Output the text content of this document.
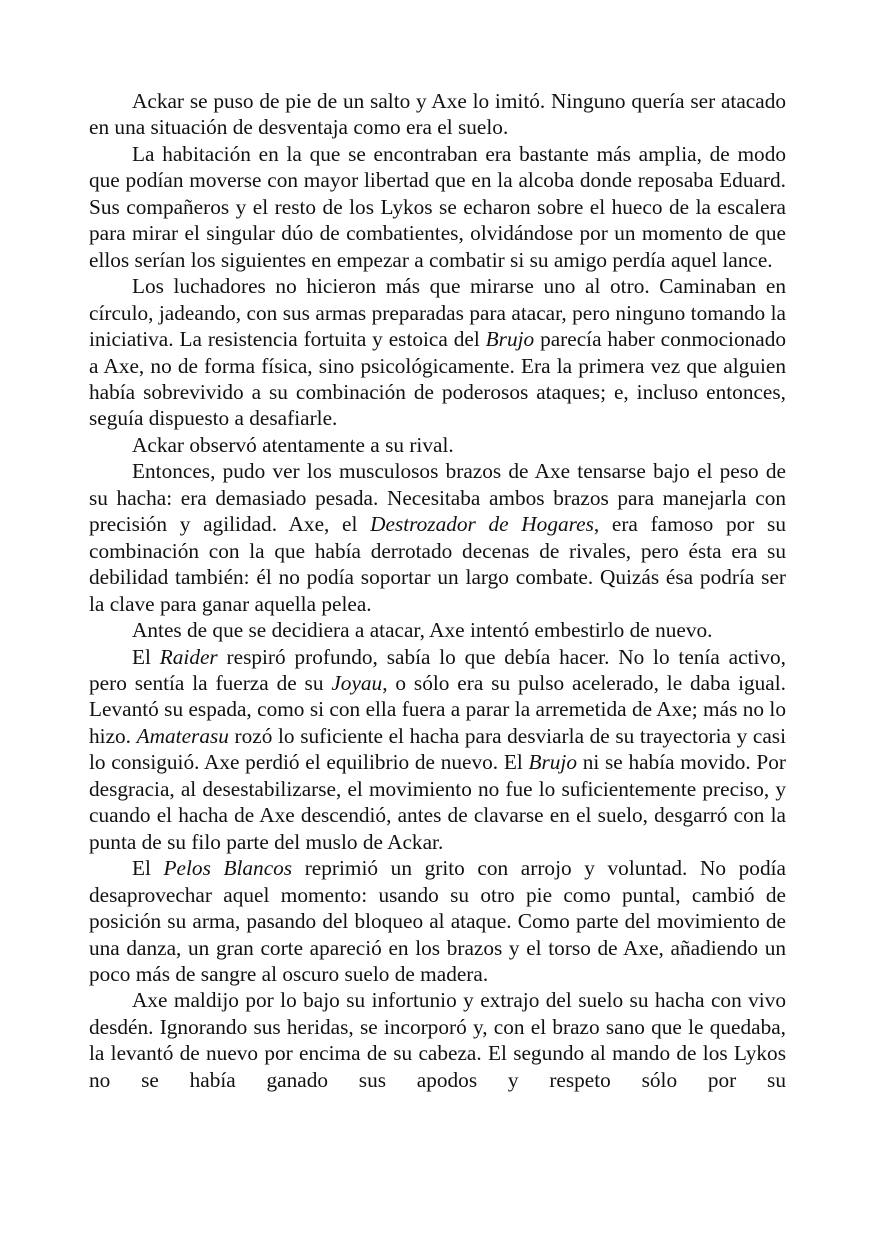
Ackar se puso de pie de un salto y Axe lo imitó. Ninguno quería ser atacado en una situación de desventaja como era el suelo.

La habitación en la que se encontraban era bastante más amplia, de modo que podían moverse con mayor libertad que en la alcoba donde reposaba Eduard. Sus compañeros y el resto de los Lykos se echaron sobre el hueco de la escalera para mirar el singular dúo de combatientes, olvidándose por un momento de que ellos serían los siguientes en empezar a combatir si su amigo perdía aquel lance.

Los luchadores no hicieron más que mirarse uno al otro. Caminaban en círculo, jadeando, con sus armas preparadas para atacar, pero ninguno tomando la iniciativa. La resistencia fortuita y estoica del Brujo parecía haber conmocionado a Axe, no de forma física, sino psicológicamente. Era la primera vez que alguien había sobrevivido a su combinación de poderosos ataques; e, incluso entonces, seguía dispuesto a desafiarle.

Ackar observó atentamente a su rival.

Entonces, pudo ver los musculosos brazos de Axe tensarse bajo el peso de su hacha: era demasiado pesada. Necesitaba ambos brazos para manejarla con precisión y agilidad. Axe, el Destrozador de Hogares, era famoso por su combinación con la que había derrotado decenas de rivales, pero ésta era su debilidad también: él no podía soportar un largo combate. Quizás ésa podría ser la clave para ganar aquella pelea.

Antes de que se decidiera a atacar, Axe intentó embestirlo de nuevo.

El Raider respiró profundo, sabía lo que debía hacer. No lo tenía activo, pero sentía la fuerza de su Joyau, o sólo era su pulso acelerado, le daba igual. Levantó su espada, como si con ella fuera a parar la arremetida de Axe; más no lo hizo. Amaterasu rozó lo suficiente el hacha para desviarla de su trayectoria y casi lo consiguió. Axe perdió el equilibrio de nuevo. El Brujo ni se había movido. Por desgracia, al desestabilizarse, el movimiento no fue lo suficientemente preciso, y cuando el hacha de Axe descendió, antes de clavarse en el suelo, desgarró con la punta de su filo parte del muslo de Ackar.

El Pelos Blancos reprimió un grito con arrojo y voluntad. No podía desaprovechar aquel momento: usando su otro pie como puntal, cambió de posición su arma, pasando del bloqueo al ataque. Como parte del movimiento de una danza, un gran corte apareció en los brazos y el torso de Axe, añadiendo un poco más de sangre al oscuro suelo de madera.

Axe maldijo por lo bajo su infortunio y extrajo del suelo su hacha con vivo desdén. Ignorando sus heridas, se incorporó y, con el brazo sano que le quedaba, la levantó de nuevo por encima de su cabeza. El segundo al mando de los Lykos no se había ganado sus apodos y respeto sólo por su
